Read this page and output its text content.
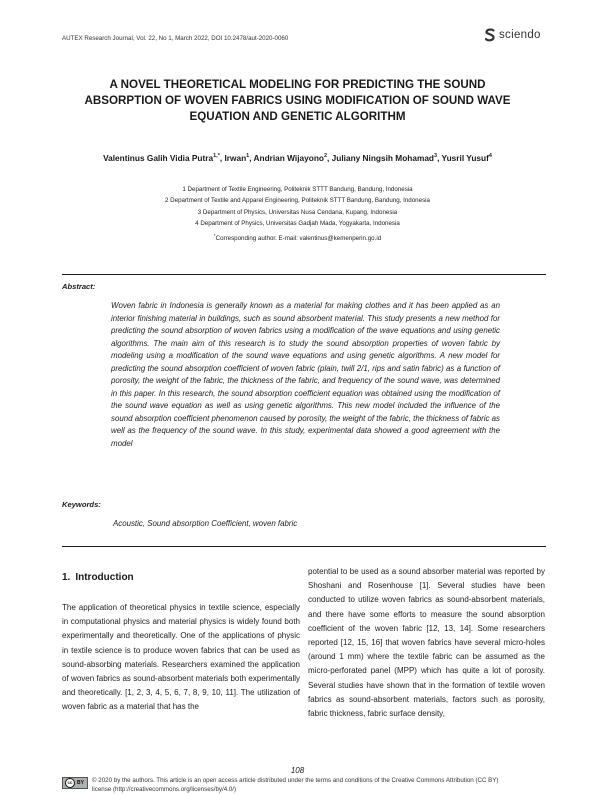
AUTEX Research Journal, Vol. 22, No 1, March 2022, DOI 10.2478/aut-2020-0060	sciendo
A NOVEL THEORETICAL MODELING FOR PREDICTING THE SOUND
ABSORPTION OF WOVEN FABRICS USING MODIFICATION OF SOUND WAVE
EQUATION AND GENETIC ALGORITHM
Valentinus Galih Vidia Putra$^{1,*}$, Irwan$^1$, Andrian Wijayono$^2$, Juliany Ningsih Mohamad$^3$, Yusril Yusuf$^4$
1 Department of Textile Engineering, Politeknik STTT Bandung, Bandung, Indonesia
2 Department of Textile and Apparel Engineering, Politeknik STTT Bandung, Bandung, Indonesia
3 Department of Physics, Universitas Nusa Cendana, Kupang, Indonesia
4 Department of Physics, Universitas Gadjah Mada, Yogyakarta, Indonesia
*Corresponding author. E-mail: valentinus@kemenperin.go.id
Abstract:
Woven fabric in Indonesia is generally known as a material for making clothes and it has been applied as an interior finishing material in buildings, such as sound absorbent material. This study presents a new method for predicting the sound absorption of woven fabrics using a modification of the wave equations and using genetic algorithms. The main aim of this research is to study the sound absorption properties of woven fabric by modeling using a modification of the sound wave equations and using genetic algorithms. A new model for predicting the sound absorption coefficient of woven fabric (plain, twill 2/1, rips and satin fabric) as a function of porosity, the weight of the fabric, the thickness of the fabric, and frequency of the sound wave, was determined in this paper. In this research, the sound absorption coefficient equation was obtained using the modification of the sound wave equation as well as using genetic algorithms. This new model included the influence of the sound absorption coefficient phenomenon caused by porosity, the weight of the fabric, the thickness of fabric as well as the frequency of the sound wave. In this study, experimental data showed a good agreement with the model
Keywords:
Acoustic, Sound absorption Coefficient, woven fabric
1. Introduction
The application of theoretical physics in textile science, especially in computational physics and material physics is widely found both experimentally and theoretically. One of the applications of physic in textile science is to produce woven fabrics that can be used as sound-absorbing materials. Researchers examined the application of woven fabrics as sound-absorbent materials both experimentally and theoretically. [1, 2, 3, 4, 5, 6, 7, 8, 9, 10, 11]. The utilization of woven fabric as a material that has the
potential to be used as a sound absorber material was reported by Shoshani and Rosenhouse [1]. Several studies have been conducted to utilize woven fabrics as sound-absorbent materials, and there have some efforts to measure the sound absorption coefficient of the woven fabric [12, 13, 14]. Some researchers reported [12, 15, 16] that woven fabrics have several micro-holes (around 1 mm) where the textile fabric can be assumed as the micro-perforated panel (MPP) which has quite a lot of porosity. Several studies have shown that in the formation of textile woven fabrics as sound-absorbent materials, factors such as porosity, fabric thickness, fabric surface density,
108
cc BY © 2020 by the authors. This article is an open access article distributed under the terms and conditions of the Creative Commons Attribution (CC BY)
license (http://creativecommons.org/licenses/by/4.0/)
